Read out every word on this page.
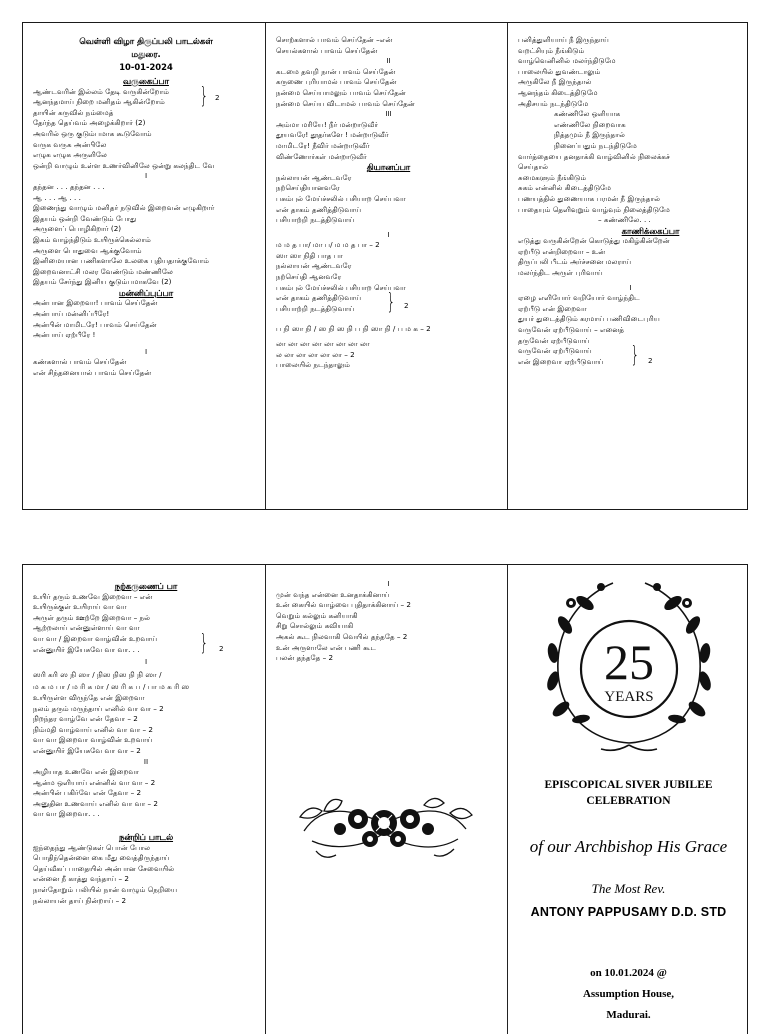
வெள்ளி விழா திருப்பலி பாடல்கள்
மதுரை.
10-01-2024
வருகைப்பா
ஆண்டவரின் இல்லம் தேடி வருகின்றோம்
ஆனந்தமாய் நிறை மனிதம் ஆகின்றோம்	} 2
தாயின் கருவில் நம்மைத்
தேர்ந்த தெய்வம் அழைக்கிறார் (2)
அவரில் ஒரு குடும்பமாக கூடுவோம்
வருக வருக அன்பிலே
எழுக எழுக அருளிலே
ஒன்றி வாழும் உள்ள உணர்வினிலே ஒன்று கலந்திட வே
I
தந்தன . . . தந்தன . . .
ஆ . . . ஆ . . .
இணைந்து வாழும் மனிதர் நடுவில் இறைவன் எழுகிறார்
இதயம் ஒன்றி வேண்டும் போது
அருளைப் பொழிகிறார் (2)
இகம் வாழ்ந்திடும் உயிருக்கெல்லாம்
அருளை பொதுவை ஆக்குவோம்
இனிமையான பணிகளாலே உலகை புதியதாக்குவோம்
இறைவனாட்சி மலர வேண்டும் மண்ணிலே
இதயம் சேர்ந்து இனிய குடும்பமாகவே (2)
மன்னிப்புப்பா
அன்பான இறைவா! பாவம் செய்தேன்
அன்பாய் மன்னிப்பீரே!
அன்பின் மாமிடரே! பாவம் செய்தேன்
அன்பாய் ஏற்பீரே !
I
கண்களால் பாவம் செய்தேன்
என் சிந்தனையால் பாவம் செய்தேன்
சொற்களால் பாவம் செய்தேன் –என்
செயல்களால் பாவம் செய்தேன்
II
கடமை தவறி நான் பாவம் செய்தேன்
கருணை புரியாமல் பாவம் செய்தேன்
நன்மை செய்யாமலும் பாவம் செய்தேன்
நன்மை செய்ய விடாமல் பாவம் செய்தேன்
III
அம்மா மரியே! நீர் மன்றாடுவீர்
தூயவரே! தூதர்களே ! மன்றாடுவீர்
மாமிடரே! நீவிர் மன்றாடுவீர்
விண்ணோர்கள் மன்றாடுவீர்
தியானப்பா
நல்லாயன் ஆண்டவரே
நற்செய்தியானவரே
பசும்புல் மேய்ச்சலில் பசியாற செய்பவா
என் தாகம் தணித்திடுவாய்
பசியாற்றி நடத்திடுவாய்
I
ம ம த பா/ மா ப/ ம ம த பா – 2
ஸா ஸா நிதி பாத பா
நல்லாயன் ஆண்டவரே
நற்செய்தி ஆனவரே
பசும்புல் மேய்ச்சலில் பசியாற செய்பவா
என் தாகம் தணித்திடுவாய்
பசியாற்றி நடத்திடுவாய்	} 2
ப நி ஸா நி / ஸ நி ஸ நி ப நி ஸா நி / ப ம க – 2
லா லா லா லா லா லா லா லா
ல லா லா லா லா லா – 2
பாலையில் நடந்தாலும்
பனித்துளியாய் நீ இருந்தாய்
வறட்சியும் நீங்கிடும்
வாழ்வெனினில் மலர்ந்திடுமே
பாலையில் துவண்டாலும்
அருகிலே நீ இருந்தால்
ஆனந்தம் கிடைத்திடுமே
அதிசயம் நடந்திடுமே
கண்ணிலே ஒளியாக
எண்ணிலே நிறைவாக
நித்தமும் நீ இருந்தால்
நினைப்பதும் நடந்திடுமே
வார்த்தையை தனதாக்கி வாழ்வினில் நிலைக்கச்
செய்தால்
சுமைகளும் நீங்கிடும்
சுகம் என்னில் கிடைத்திடுமே
பணயத்தில் துணையாக பரமன் நீ இருந்தால்
பாதையும் தெளிவுறும் வாழ்வும் நிலைத்திடுமே
– கண்ணிலே. . .
காணிக்கைப்பா
எடுத்து வருகின்றேன் கொடுத்து மகிழ்கின்றேன்
ஏற்பீடு என்றிறைவா – உன்
திருப்பலி பீடம் அர்ச்சனை மலராய்
மலர்ந்திட அருள் புரிவாய்
I
ஏழை எளியோர் வறியோர் வாழ்ந்திட
ஏற்பீடு என் இறைவா
துயர் துடைத்திடும் கரமாய் பணிவிடைபுரிய
வருவேன் ஏற்பீடுவாய் – எனைத்
தருவேன் ஏற்பீடுவாய்
வருவேன் ஏற்பீடுவாய்
என் இறைவா ஏற்பீடுவாய்	} 2
நற்கருணைப் பா
உயிர் தரும் உணவே இறைவா – என்
உயிருக்குள் உயிராய் வா வா
அருள் தரும் ஊற்றே இறைவா – நல்
ஆற்றலாய் என்னுள்ளாய் வா வா
வா வா / இறைவா வாழ்வின் உறவாய்
என்னுயிர் இயேசுவே வா வா. . .	} 2
I
ஸரி கரி ஸ நி ஸா / நிஸ நிஸ நி நி ஸா /
ம க ம பா / ம ரி க மா / ஸ ரி க ப / பா ம க ரி ஸ
உயிருள்ள விருந்தே என் இறைவா
நலம் தரும் மருந்தாய் எனில் வா வா – 2
நிறந்தர வாழ்வே என் தேவா – 2
நிம்மதி வாழ்வாய் எனில் வா வா – 2
வா வா இறைவா வாழ்வின் உறவாய்
என்னுயிர் இயேசுவே வா வா – 2
II
அழியாத உணவே என் இறைவா
ஆன்ம ஒளியாய் என்னில் வா வா – 2
அன்பின் பகிர்வே என் தேவா – 2
அனுதின உணவாய் எனில் வா வா – 2
வா வா இறைவா. . .
நன்றிப் பாடல்
ஐந்தைந்து ஆண்டுகள் பொன் போல
பொதிந்தென்னை கை மீது வைத்திருந்தாய்
தெய்வீகப் பாதையில் அன்பான சேவையில்
என்னை நீ காத்து வந்தாய் – 2
நாள்தோறும் பலியில் நான் வாழும் நெறியை
நல்லாயன் தாய் நின்றாய் – 2
I
முன் வந்த என்னை உனதாக்கினாய்
உன் கையில் வாழ்வை புதிதாக்கினாய் – 2
வெறும் கல்லும் கனியாகி
சிறு சொல்லும் கவியாகி
அகல் கூட நிலவாகி வெயில் தந்ததே – 2
உன் அருளாலே என் பணி கூட
பலன் தந்ததே – 2	25
YEARS
EPISCOPICAL SIVER JUBILEE
CELEBRATION
of our Archbishop His Grace
The Most Rev.
ANTONY PAPPUSAMY D.D. STD
on 10.01.2024 @
Assumption House,
Madurai.
